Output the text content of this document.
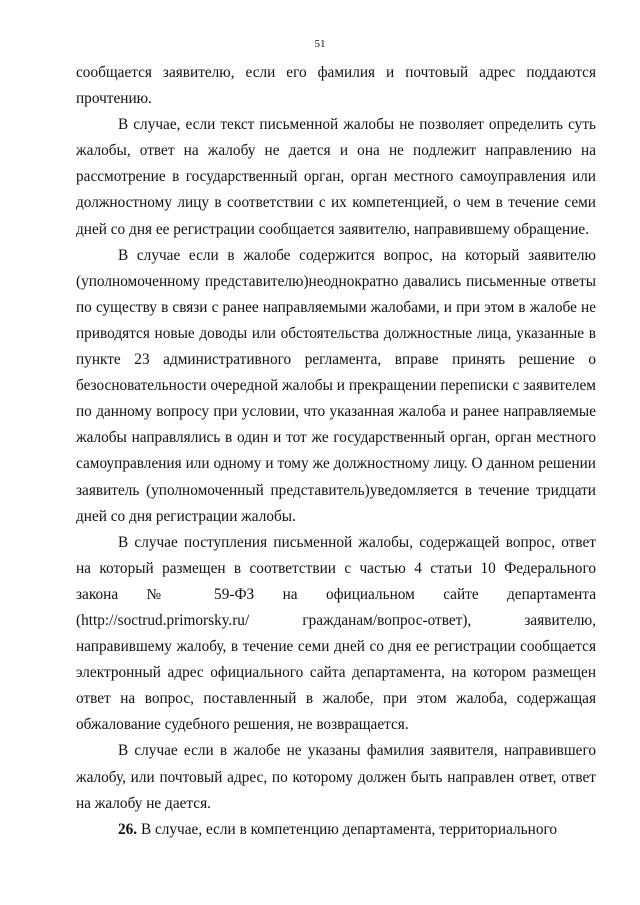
51

сообщается заявителю, если его фамилия и почтовый адрес поддаются прочтению.

В случае, если текст письменной жалобы не позволяет определить суть жалобы, ответ на жалобу не дается и она не подлежит направлению на рассмотрение в государственный орган, орган местного самоуправления или должностному лицу в соответствии с их компетенцией, о чем в течение семи дней со дня ее регистрации сообщается заявителю, направившему обращение.

В случае если в жалобе содержится вопрос, на который заявителю (уполномоченному представителю)неоднократно давались письменные ответы по существу в связи с ранее направляемыми жалобами, и при этом в жалобе не приводятся новые доводы или обстоятельства должностные лица, указанные в пункте 23 административного регламента, вправе принять решение о безосновательности очередной жалобы и прекращении переписки с заявителем по данному вопросу при условии, что указанная жалоба и ранее направляемые жалобы направлялись в один и тот же государственный орган, орган местного самоуправления или одному и тому же должностному лицу. О данном решении заявитель (уполномоченный представитель)уведомляется в течение тридцати дней со дня регистрации жалобы.

В случае поступления письменной жалобы, содержащей вопрос, ответ на который размещен в соответствии с частью 4 статьи 10 Федерального закона № 59-ФЗ на официальном сайте департамента (http://soctrud.primorsky.ru/ гражданам/вопрос-ответ), заявителю, направившему жалобу, в течение семи дней со дня ее регистрации сообщается электронный адрес официального сайта департамента, на котором размещен ответ на вопрос, поставленный в жалобе, при этом жалоба, содержащая обжалование судебного решения, не возвращается.

В случае если в жалобе не указаны фамилия заявителя, направившего жалобу, или почтовый адрес, по которому должен быть направлен ответ, ответ на жалобу не дается.

26. В случае, если в компетенцию департамента, территориального
